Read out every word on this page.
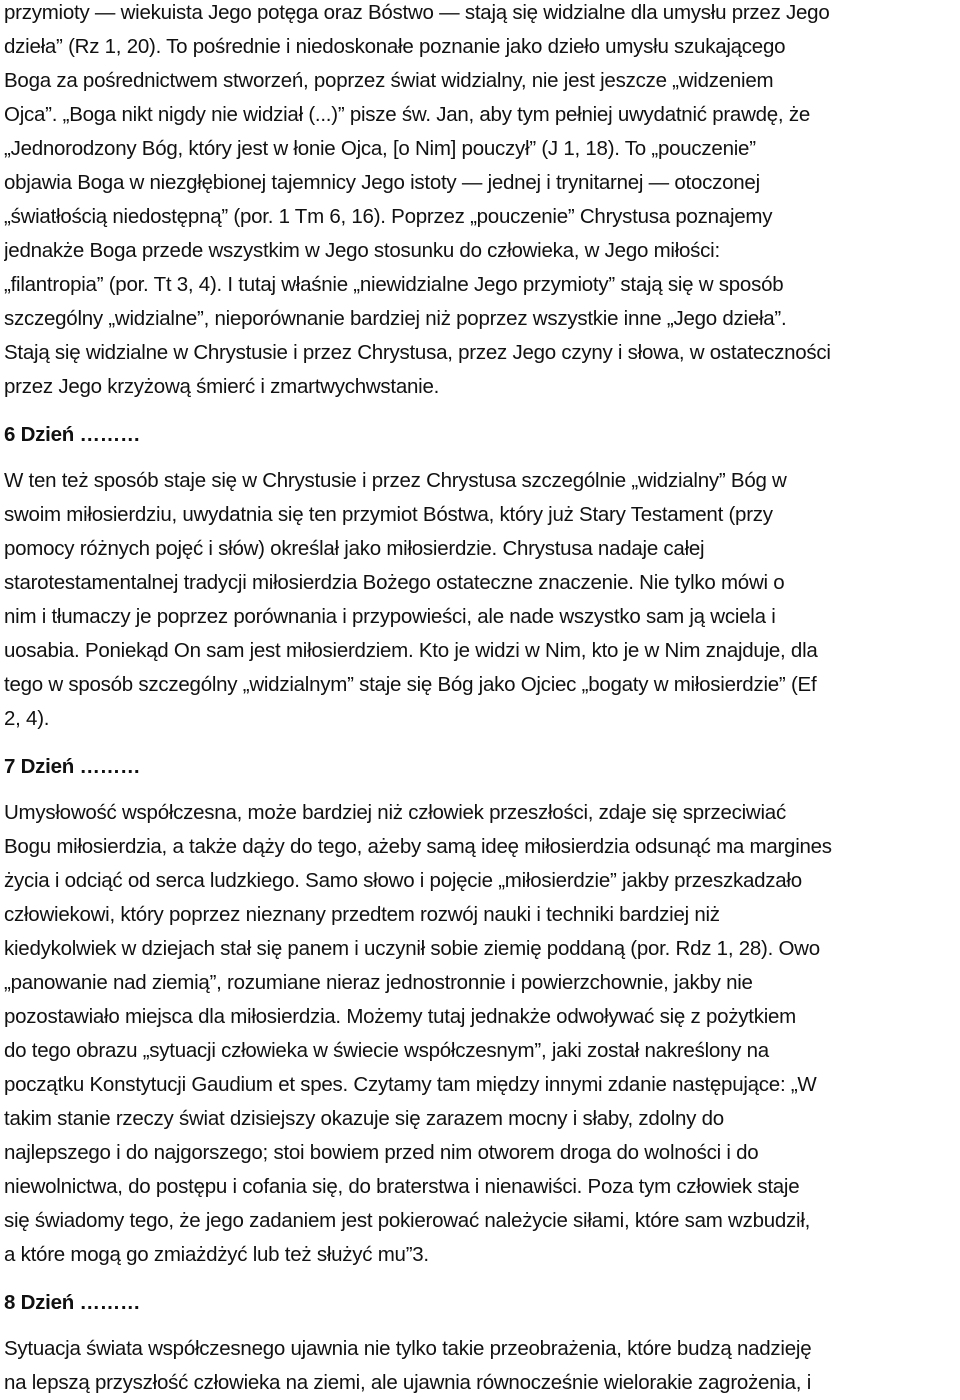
przymioty — wiekuista Jego potęga oraz Bóstwo — stają się widzialne dla umysłu przez Jego
dzieła” (Rz 1, 20). To pośrednie i niedoskonałe poznanie jako dzieło umysłu szukającego
Boga za pośrednictwem stworzeń, poprzez świat widzialny, nie jest jeszcze „widzeniem
Ojca”. „Boga nikt nigdy nie widział (...)” pisze św. Jan, aby tym pełniej uwydatnić prawdę, że
„Jednorodzony Bóg, który jest w łonie Ojca, [o Nim] pouczył” (J 1, 18). To „pouczenie”
objawia Boga w niezgłębionej tajemnicy Jego istoty — jednej i trynitarnej — otoczonej
„światłością niedostępną” (por. 1 Tm 6, 16). Poprzez „pouczenie” Chrystusa poznajemy
jednakże Boga przede wszystkim w Jego stosunku do człowieka, w Jego miłości:
„filantropia” (por. Tt 3, 4). I tutaj właśnie „niewidzialne Jego przymioty” stają się w sposób
szczególny „widzialne”, nieporównanie bardziej niż poprzez wszystkie inne „Jego dzieła”.
Stają się widzialne w Chrystusie i przez Chrystusa, przez Jego czyny i słowa, w ostateczności
przez Jego krzyżową śmierć i zmartwychwstanie.
6 Dzień ………
W ten też sposób staje się w Chrystusie i przez Chrystusa szczególnie „widzialny” Bóg w
swoim miłosierdziu, uwydatnia się ten przymiot Bóstwa, który już Stary Testament (przy
pomocy różnych pojęć i słów) określał jako miłosierdzie. Chrystusa nadaje całej
starotestamentalnej tradycji miłosierdzia Bożego ostateczne znaczenie. Nie tylko mówi o
nim i tłumaczy je poprzez porównania i przypowieści, ale nade wszystko sam ją wciela i
uosabia. Poniekąd On sam jest miłosierdziem. Kto je widzi w Nim, kto je w Nim znajduje, dla
tego w sposób szczególny „widzialnym” staje się Bóg jako Ojciec „bogaty w miłosierdzie” (Ef
2, 4).
7 Dzień ………
Umysłowość współczesna, może bardziej niż człowiek przeszłości, zdaje się sprzeciwiać
Bogu miłosierdzia, a także dąży do tego, ażeby samą ideę miłosierdzia odsunąć ma margines
życia i odciąć od serca ludzkiego. Samo słowo i pojęcie „miłosierdzie” jakby przeszkadzało
człowiekowi, który poprzez nieznany przedtem rozwój nauki i techniki bardziej niż
kiedykolwiek w dziejach stał się panem i uczynił sobie ziemię poddaną (por. Rdz 1, 28). Owo
„panowanie nad ziemią”, rozumiane nieraz jednostronnie i powierzchownie, jakby nie
pozostawiało miejsca dla miłosierdzia. Możemy tutaj jednakże odwoływać się z pożytkiem
do tego obrazu „sytuacji człowieka w świecie współczesnym”, jaki został nakreślony na
początku Konstytucji Gaudium et spes. Czytamy tam między innymi zdanie następujące: „W
takim stanie rzeczy świat dzisiejszy okazuje się zarazem mocny i słaby, zdolny do
najlepszego i do najgorszego; stoi bowiem przed nim otworem droga do wolności i do
niewolnictwa, do postępu i cofania się, do braterstwa i nienawiści. Poza tym człowiek staje
się świadomy tego, że jego zadaniem jest pokierować należycie siłami, które sam wzbudził,
a które mogą go zmiażdżyć lub też służyć mu”3.
8 Dzień ………
Sytuacja świata współczesnego ujawnia nie tylko takie przeobrażenia, które budzą nadzieję
na lepszą przyszłość człowieka na ziemi, ale ujawnia równocześnie wielorakie zagrożenia, i
